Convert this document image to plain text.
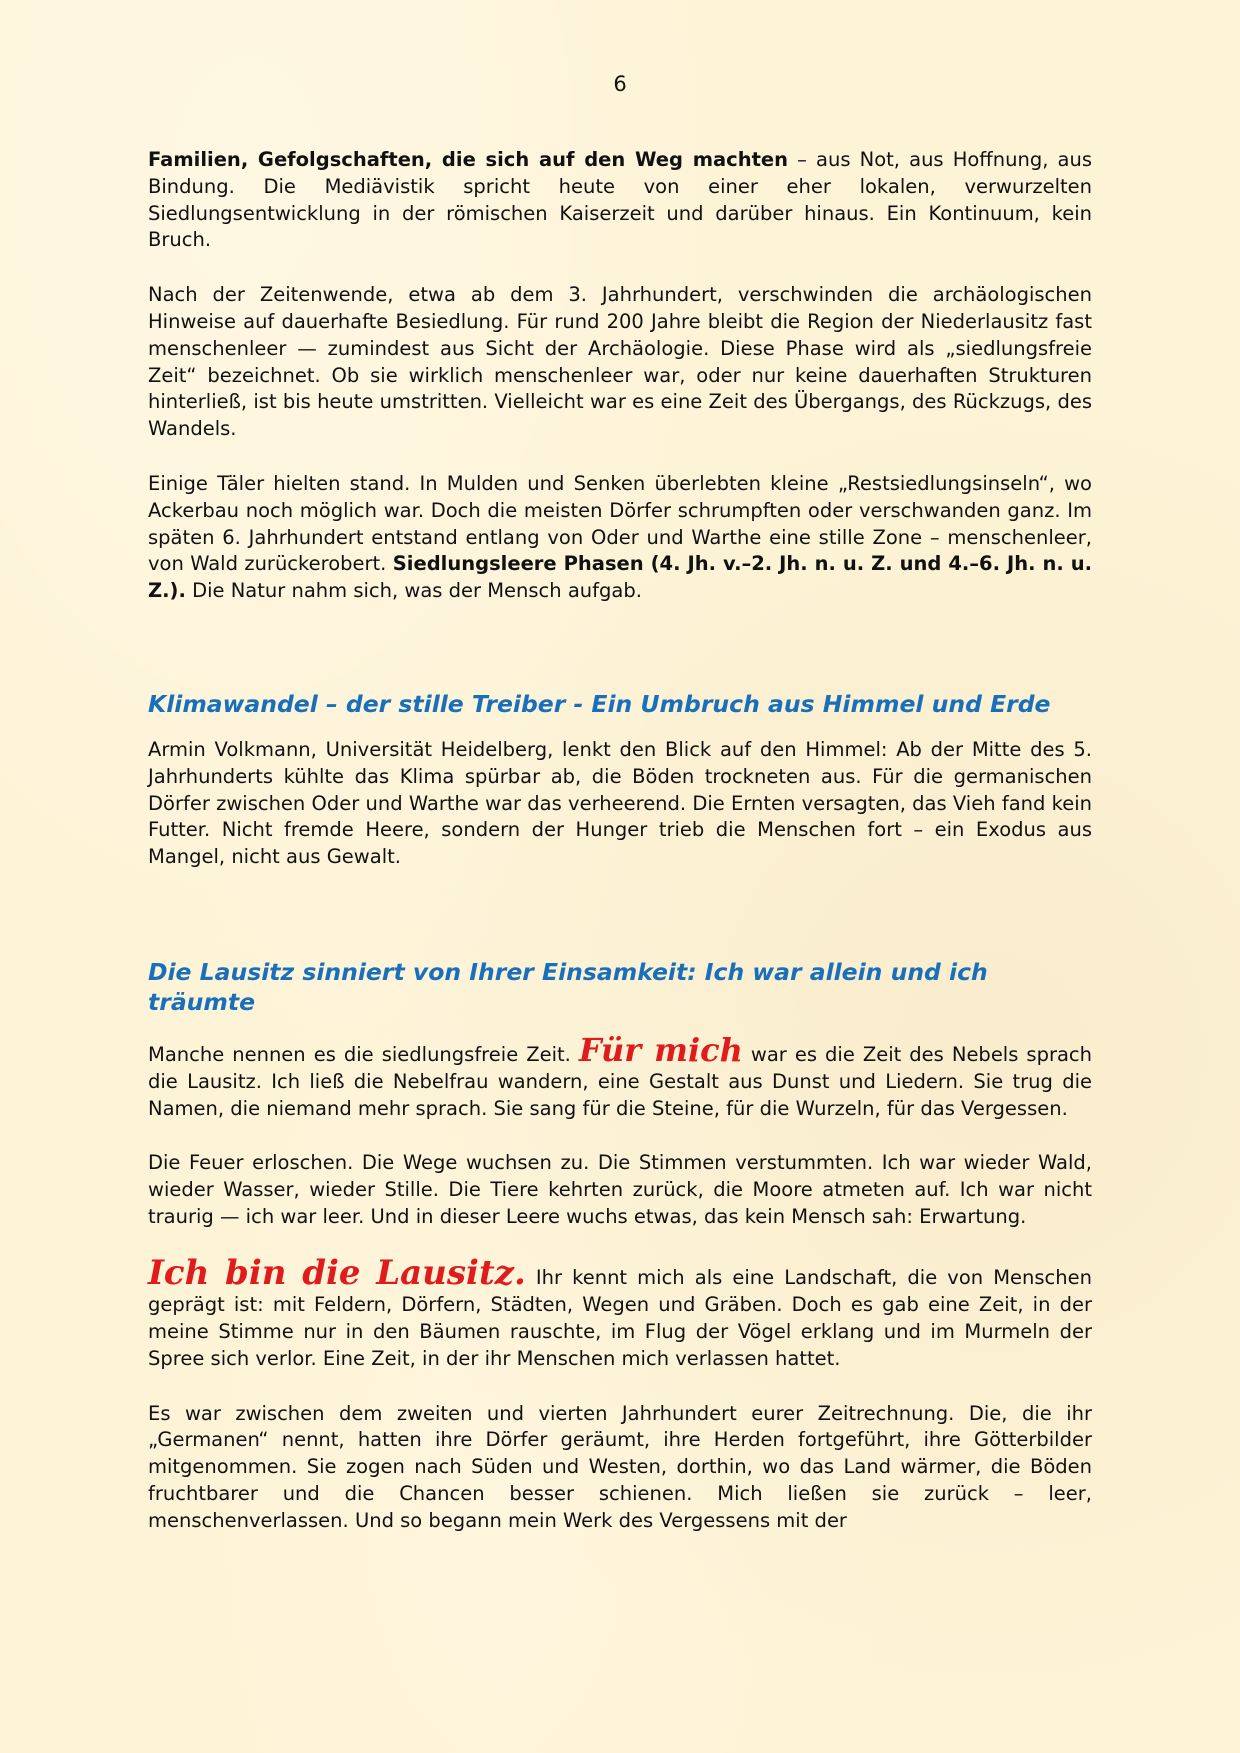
6

Familien, Gefolgschaften, die sich auf den Weg machten – aus Not, aus Hoffnung, aus Bindung. Die Mediävistik spricht heute von einer eher lokalen, verwurzelten Siedlungsentwicklung in der römischen Kaiserzeit und darüber hinaus. Ein Kontinuum, kein Bruch.

Nach der Zeitenwende, etwa ab dem 3. Jahrhundert, verschwinden die archäologischen Hinweise auf dauerhafte Besiedlung. Für rund 200 Jahre bleibt die Region der Niederlausitz fast menschenleer — zumindest aus Sicht der Archäologie. Diese Phase wird als „siedlungsfreie Zeit“ bezeichnet. Ob sie wirklich menschenleer war, oder nur keine dauerhaften Strukturen hinterließ, ist bis heute umstritten. Vielleicht war es eine Zeit des Übergangs, des Rückzugs, des Wandels.

Einige Täler hielten stand. In Mulden und Senken überlebten kleine „Restsiedlungsinseln“, wo Ackerbau noch möglich war. Doch die meisten Dörfer schrumpften oder verschwanden ganz. Im späten 6. Jahrhundert entstand entlang von Oder und Warthe eine stille Zone – menschenleer, von Wald zurückerobert. Siedlungsleere Phasen (4. Jh. v.–2. Jh. n. u. Z. und 4.–6. Jh. n. u. Z.). Die Natur nahm sich, was der Mensch aufgab.

Klimawandel – der stille Treiber - Ein Umbruch aus Himmel und Erde

Armin Volkmann, Universität Heidelberg, lenkt den Blick auf den Himmel: Ab der Mitte des 5. Jahrhunderts kühlte das Klima spürbar ab, die Böden trockneten aus. Für die germanischen Dörfer zwischen Oder und Warthe war das verheerend. Die Ernten versagten, das Vieh fand kein Futter. Nicht fremde Heere, sondern der Hunger trieb die Menschen fort – ein Exodus aus Mangel, nicht aus Gewalt.

Die Lausitz sinniert von Ihrer Einsamkeit: Ich war allein und ich träumte

Manche nennen es die siedlungsfreie Zeit. Für mich war es die Zeit des Nebels sprach die Lausitz. Ich ließ die Nebelfrau wandern, eine Gestalt aus Dunst und Liedern. Sie trug die Namen, die niemand mehr sprach. Sie sang für die Steine, für die Wurzeln, für das Vergessen.

Die Feuer erloschen. Die Wege wuchsen zu. Die Stimmen verstummten. Ich war wieder Wald, wieder Wasser, wieder Stille. Die Tiere kehrten zurück, die Moore atmeten auf. Ich war nicht traurig — ich war leer. Und in dieser Leere wuchs etwas, das kein Mensch sah: Erwartung.

Ich bin die Lausitz. Ihr kennt mich als eine Landschaft, die von Menschen geprägt ist: mit Feldern, Dörfern, Städten, Wegen und Gräben. Doch es gab eine Zeit, in der meine Stimme nur in den Bäumen rauschte, im Flug der Vögel erklang und im Murmeln der Spree sich verlor. Eine Zeit, in der ihr Menschen mich verlassen hattet.

Es war zwischen dem zweiten und vierten Jahrhundert eurer Zeitrechnung. Die, die ihr „Germanen“ nennt, hatten ihre Dörfer geräumt, ihre Herden fortgeführt, ihre Götterbilder mitgenommen. Sie zogen nach Süden und Westen, dorthin, wo das Land wärmer, die Böden fruchtbarer und die Chancen besser schienen. Mich ließen sie zurück – leer, menschenverlassen. Und so begann mein Werk des Vergessens mit der
